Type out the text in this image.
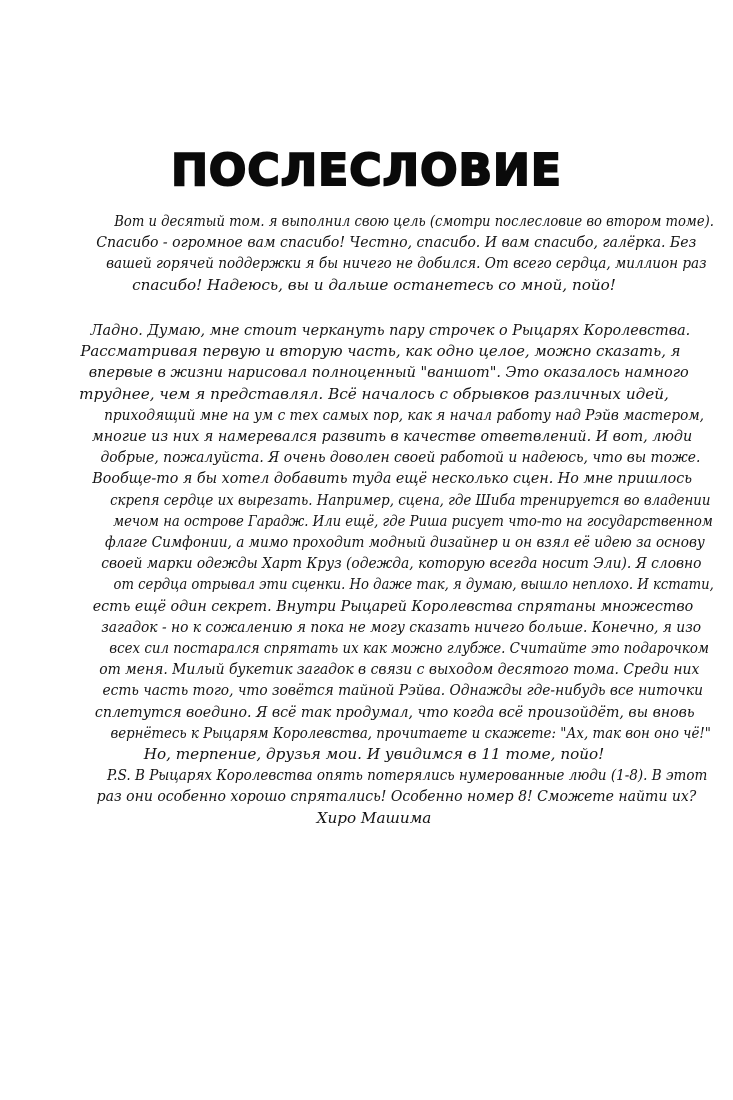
ПОСЛЕСЛОВИЕ
Вот и десятый том. я выполнил свою цель (смотри послесловие во втором томе).
Спасибо - огромное вам спасибо! Честно, спасибо. И вам спасибо, галёрка. Без
вашей горячей поддержки я бы ничего не добился. От всего сердца, миллион раз
спасибо! Надеюсь, вы и дальше останетесь со мной, пойо!
Ладно. Думаю, мне стоит черкануть пару строчек о Рыцарях Королевства.
Рассматривая первую и вторую часть, как одно целое, можно сказать, я
впервые в жизни нарисовал полноценный "ваншот". Это оказалось намного
труднее, чем я представлял. Всё началось с обрывков различных идей,
приходящий мне на ум с тех самых пор, как я начал работу над Рэйв мастером,
многие из них я намеревался развить в качестве ответвлений. И вот, люди
добрые, пожалуйста. Я очень доволен своей работой и надеюсь, что вы тоже.
Вообще-то я бы хотел добавить туда ещё несколько сцен. Но мне пришлось
скрепя сердце их вырезать. Например, сцена, где Шиба тренируется во владении
мечом на острове Гарадж. Или ещё, где Риша рисует что-то на государственном
флаге Симфонии, а мимо проходит модный дизайнер и он взял её идею за основу
своей марки одежды Харт Круз (одежда, которую всегда носит Эли). Я словно
от сердца отрывал эти сценки. Но даже так, я думаю, вышло неплохо. И кстати,
есть ещё один секрет. Внутри Рыцарей Королевства спрятаны множество
загадок - но к сожалению я пока не могу сказать ничего больше. Конечно, я изо
всех сил постарался спрятать их как можно глубже. Считайте это подарочком
от меня. Милый букетик загадок в связи с выходом десятого тома. Среди них
есть часть того, что зовётся тайной Рэйва. Однажды где-нибудь все ниточки
сплетутся воедино. Я всё так продумал, что когда всё произойдёт, вы вновь
вернётесь к Рыцарям Королевства, прочитаете и скажете: "Ах, так вон оно чё!"
Но, терпение, друзья мои. И увидимся в 11 томе, пойо!
P.S. В Рыцарях Королевства опять потерялись нумерованные люди (1-8). В этот
раз они особенно хорошо спрятались! Особенно номер 8! Сможете найти их?
Хиро Машима
